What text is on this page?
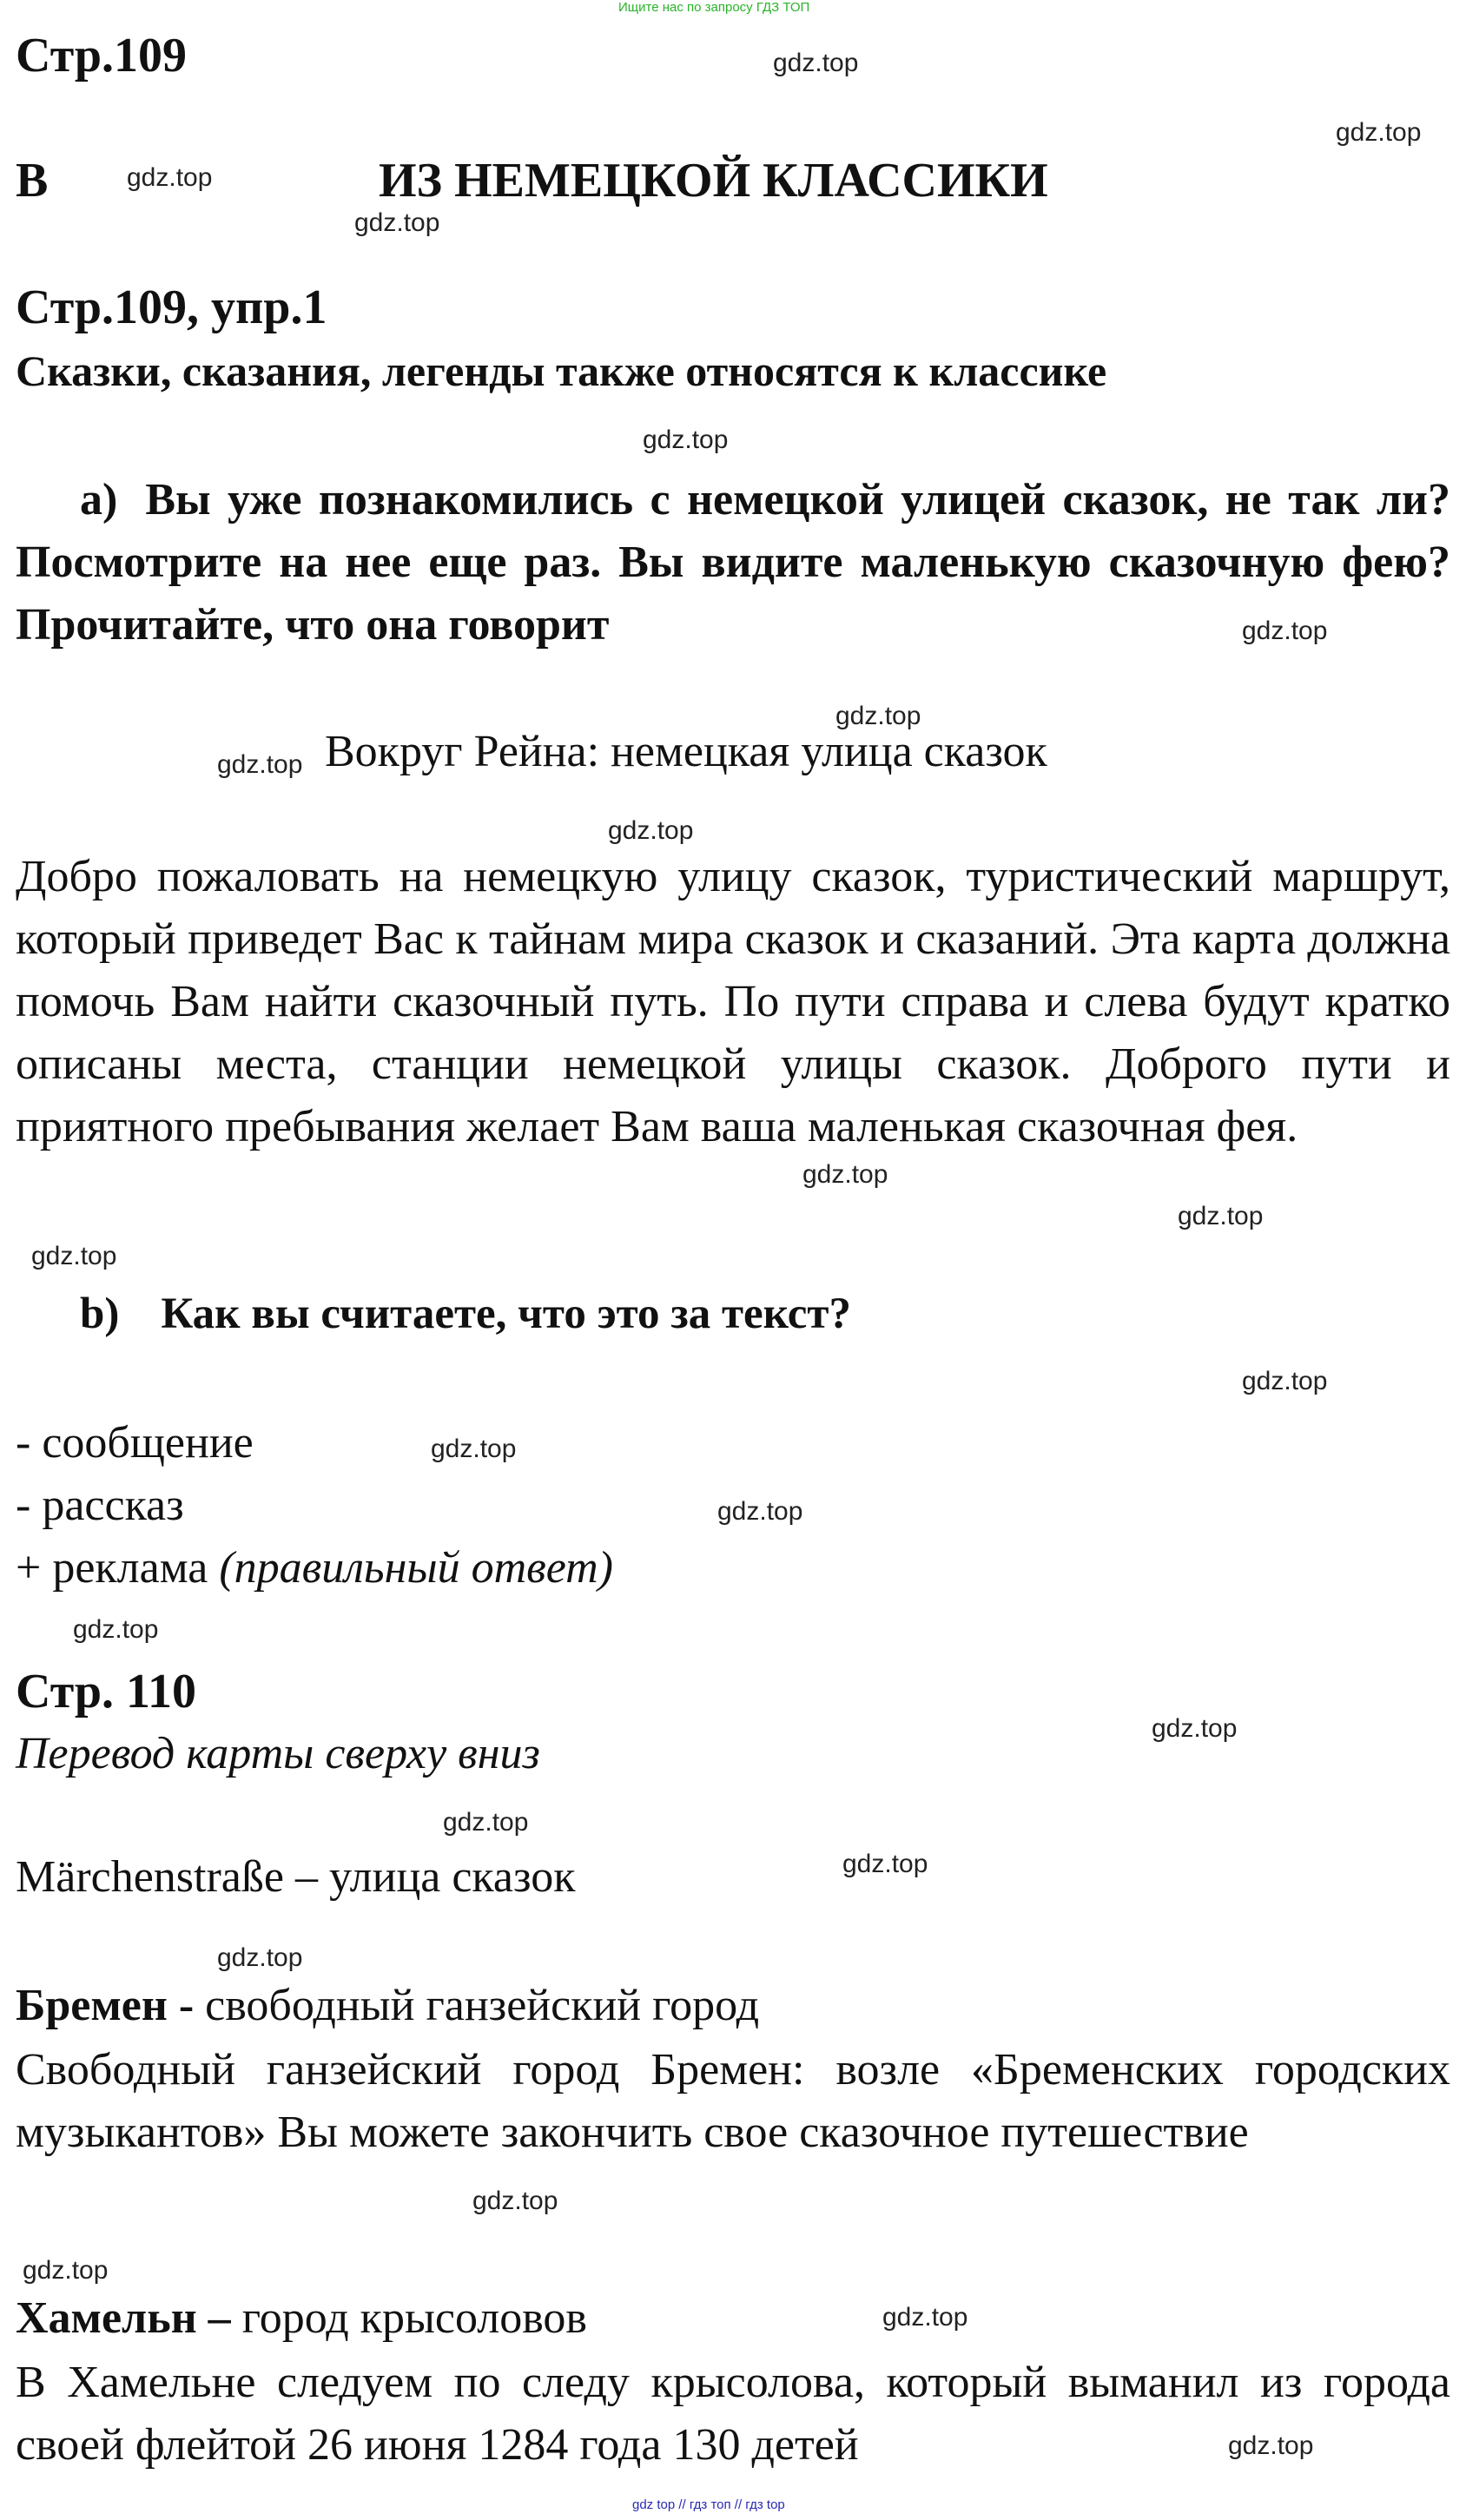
Ищите нас по запросу ГДЗ ТОП
gdz.top
gdz.top
gdz.top
gdz.top
gdz.top
gdz.top
gdz.top
gdz.top
gdz.top
gdz.top
gdz.top
gdz.top
gdz.top
gdz.top
gdz.top
gdz.top
gdz.top
gdz.top
gdz.top
gdz.top
gdz.top
gdz.top
gdz.top
gdz.top
Стр.109
B	ИЗ НЕМЕЦКОЙ КЛАССИКИ
Стр.109, упр.1
Сказки, сказания, легенды также относятся к классике

a) Вы уже познакомились с немецкой улицей сказок, не так ли? Посмотрите на нее еще раз. Вы видите маленькую сказочную фею? Прочитайте, что она говорит

Вокруг Рейна: немецкая улица сказок

Добро пожаловать на немецкую улицу сказок, туристический маршрут, который приведет Вас к тайнам мира сказок и сказаний. Эта карта должна помочь Вам найти сказочный путь. По пути справа и слева будут кратко описаны места, станции немецкой улицы сказок. Доброго пути и приятного пребывания желает Вам ваша маленькая сказочная фея.

b) Как вы считаете, что это за текст?
- сообщение
- рассказ
+ реклама (правильный ответ)
Стр. 110
Перевод карты сверху вниз
Märchenstraße – улица сказок
Бремен - свободный ганзейский город

Свободный ганзейский город Бремен: возле «Бременских городских музыкантов» Вы можете закончить свое сказочное путешествие

Хамельн – город крысоловов

В Хамельне следуем по следу крысолова, который выманил из города своей флейтой 26 июня 1284 года 130 детей

gdz top // гдз топ // гдз top
